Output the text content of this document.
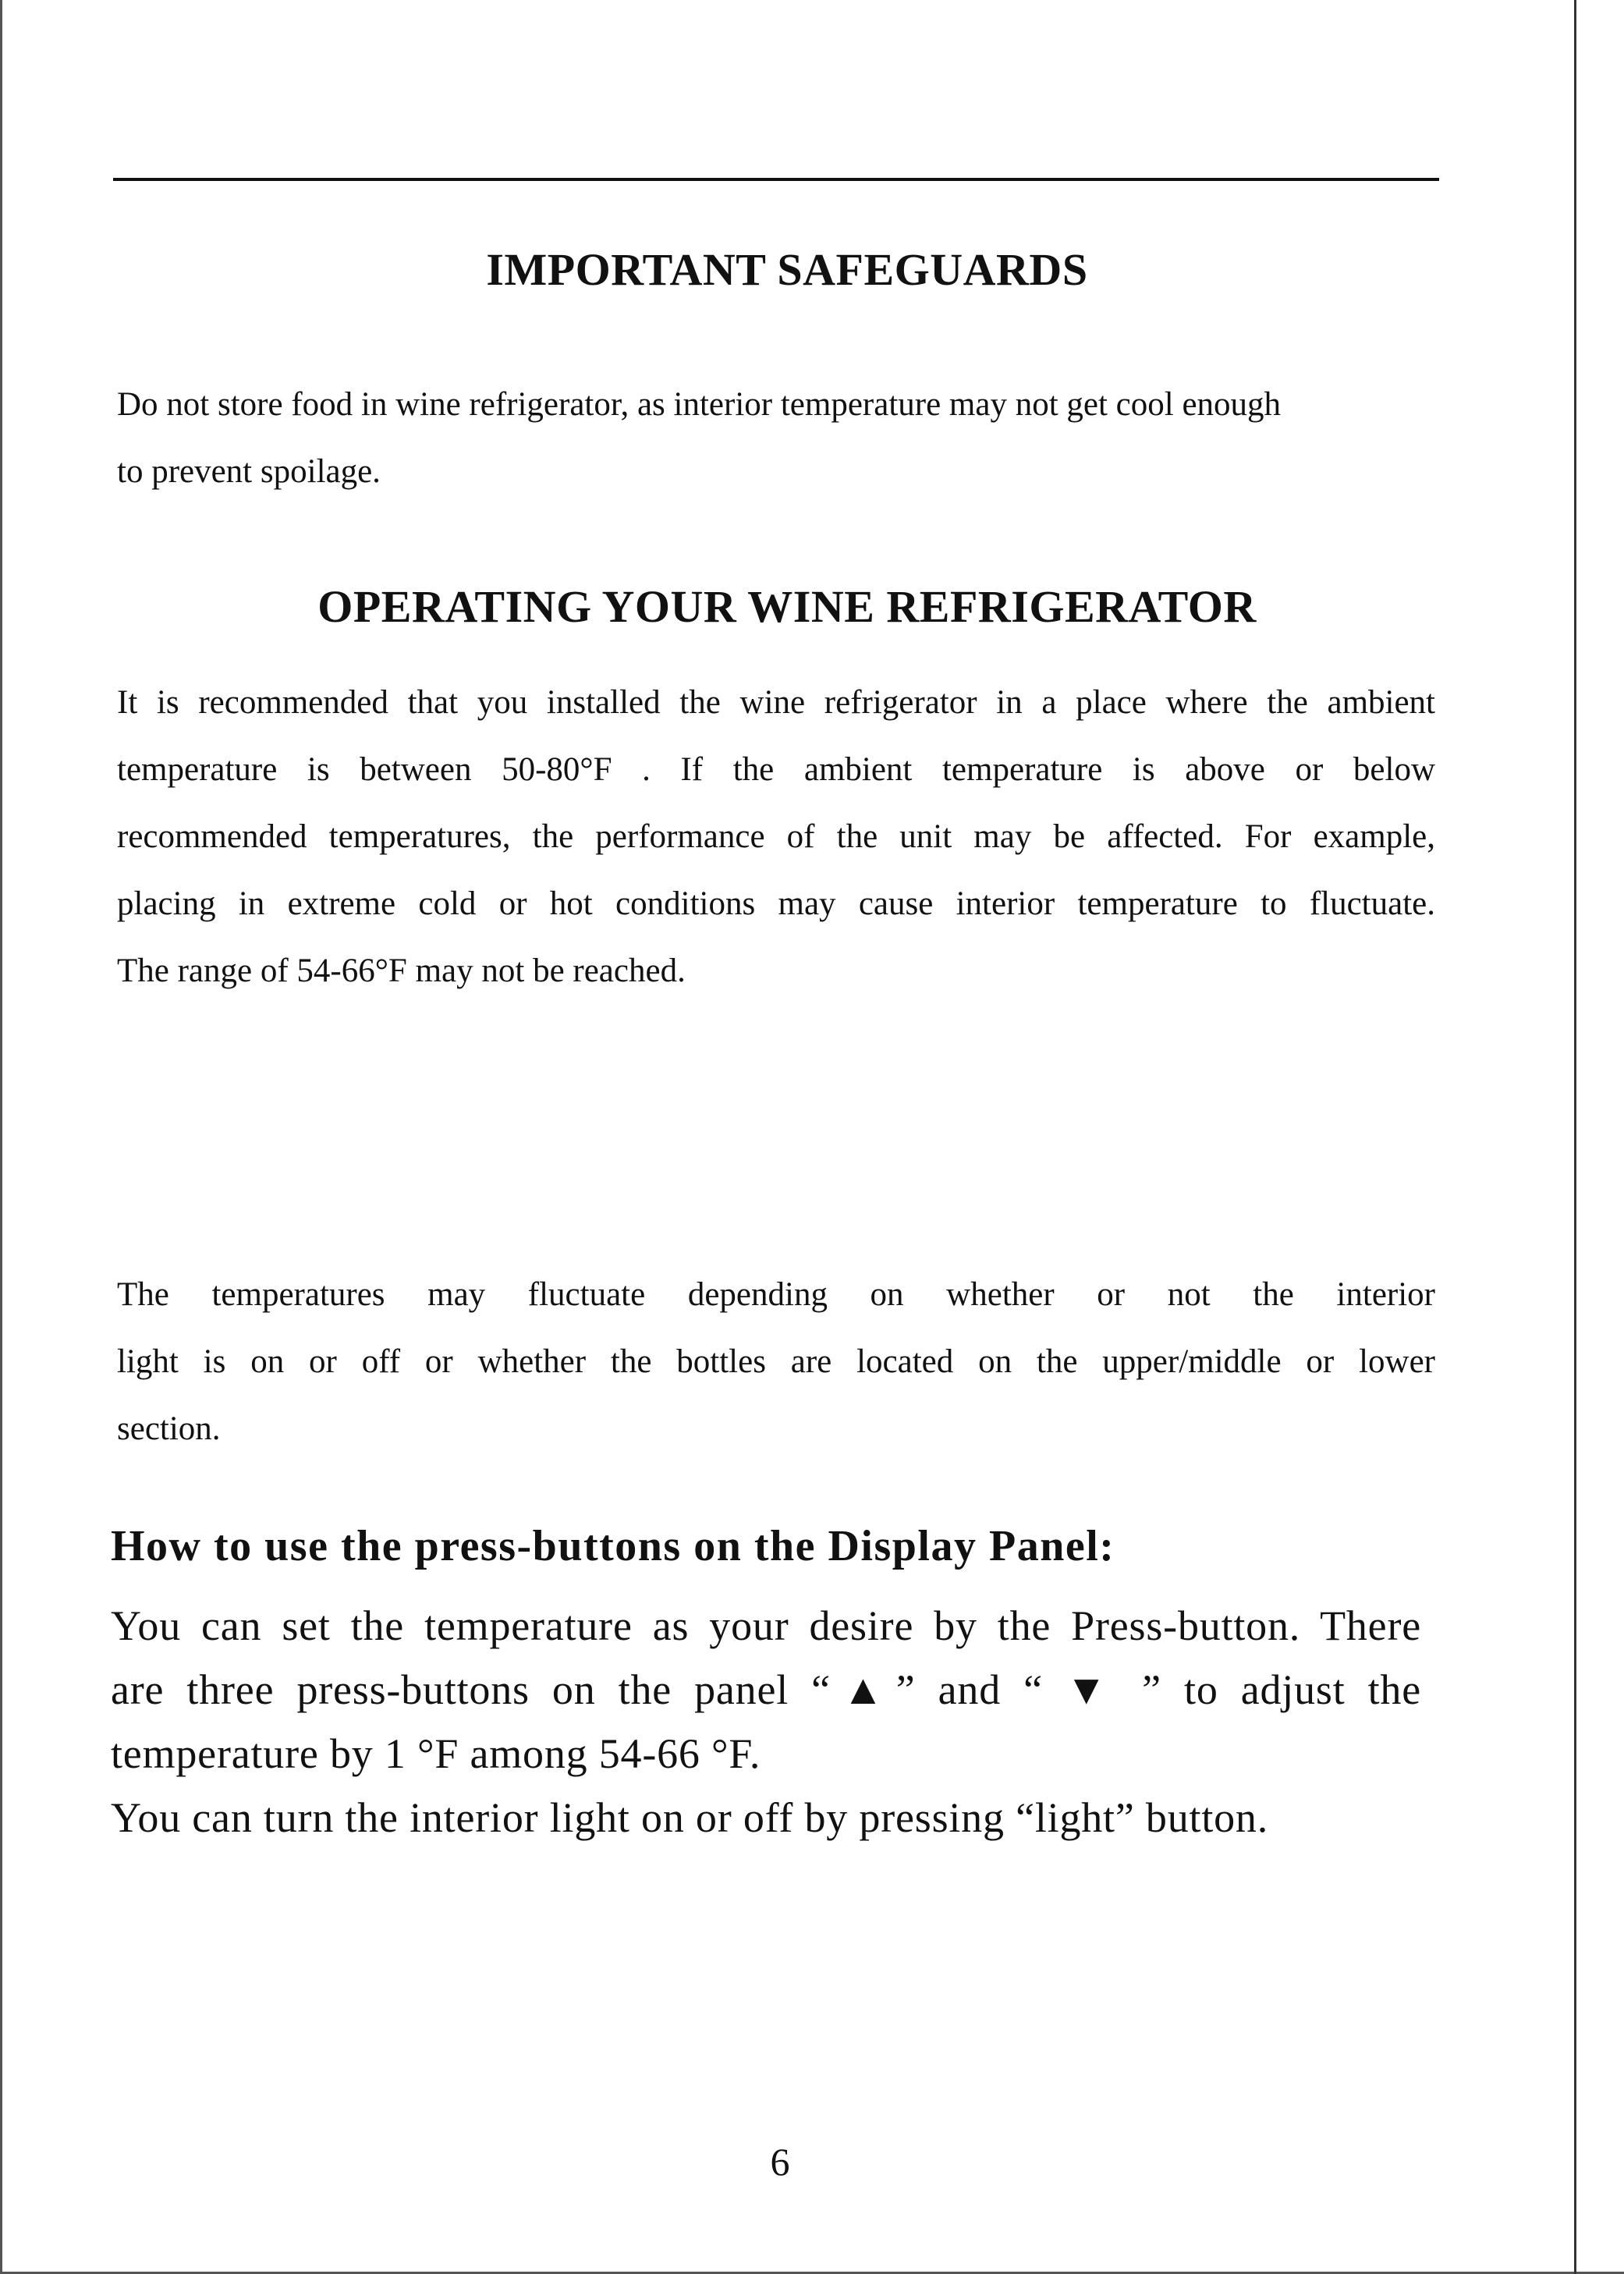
IMPORTANT SAFEGUARDS
Do not store food in wine refrigerator, as interior temperature may not get cool enough
to prevent spoilage.
OPERATING YOUR WINE REFRIGERATOR
It is recommended that you installed the wine refrigerator in a place where the ambient
temperature is between 50-80°F . If the ambient temperature is above or below
recommended temperatures, the performance of the unit may be affected. For example,
placing in extreme cold or hot conditions may cause interior temperature to fluctuate.
The range of 54-66°F may not be reached.
The temperatures may fluctuate depending on whether or not the interior
light is on or off or whether the bottles are located on the upper/middle or lower
section.
How to use the press-buttons on the Display Panel:
You can set the temperature as your desire by the Press-button. There
are three press-buttons on the panel “▲” and “ ▼ ” to adjust the
temperature by 1 °F among 54-66 °F.
You can turn the interior light on or off by pressing “light” button.
6
